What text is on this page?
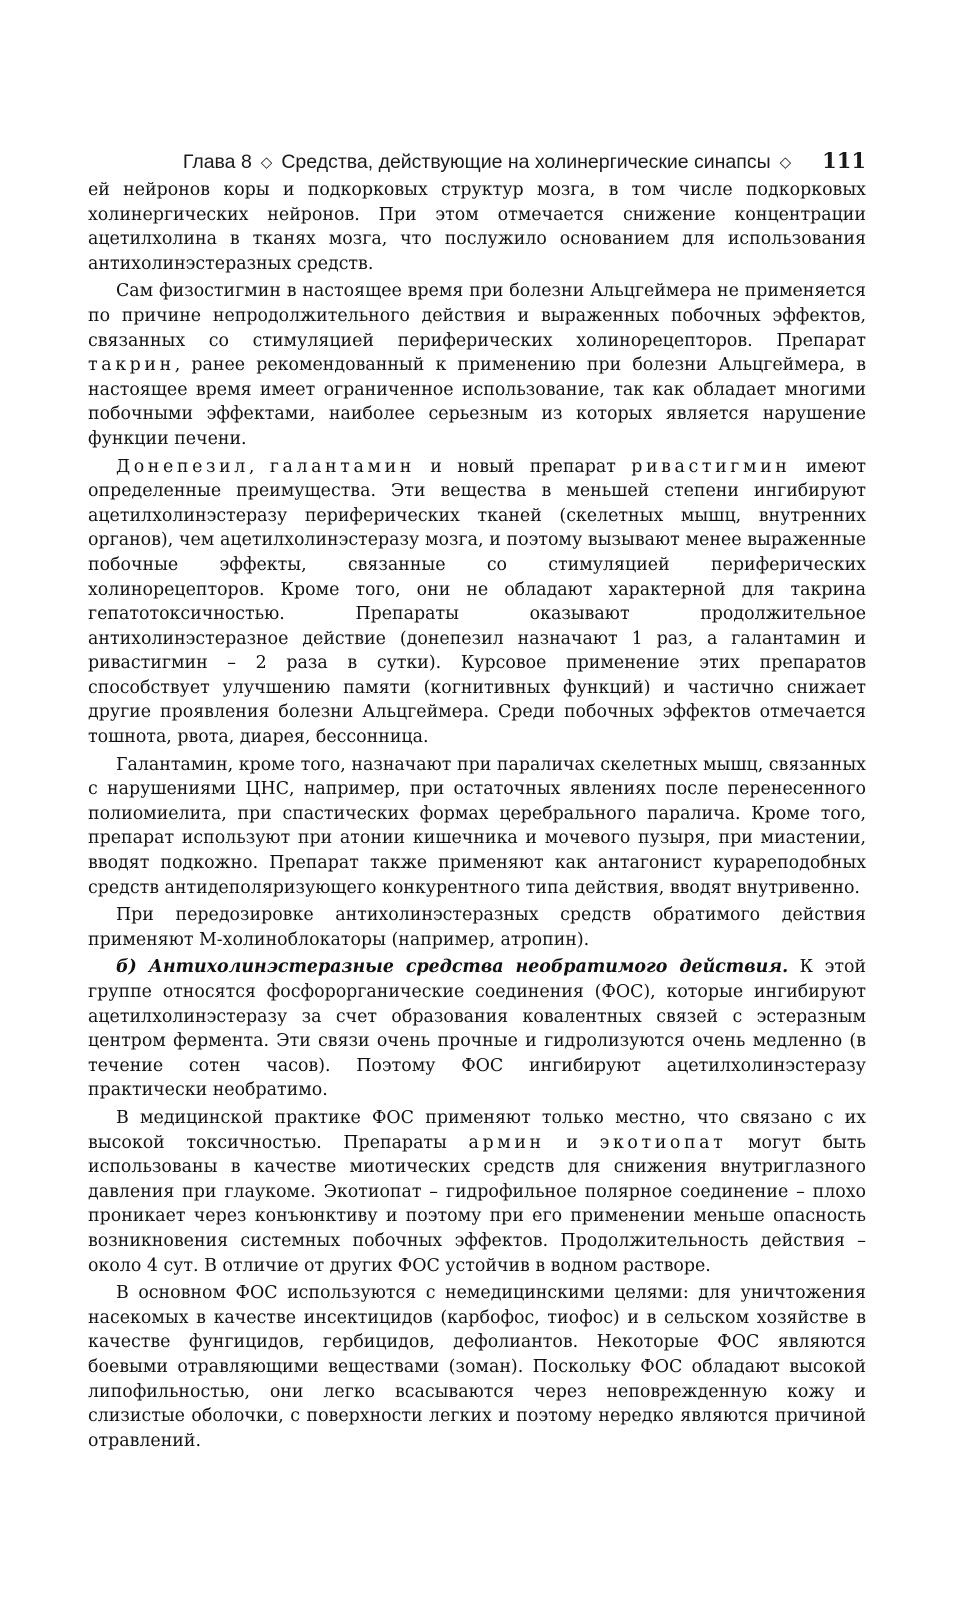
Глава 8 ◇ Средства, действующие на холинергические синапсы ◇ 111

ей нейронов коры и подкорковых структур мозга, в том числе подкорковых холинергических нейронов. При этом отмечается снижение концентрации ацетилхолина в тканях мозга, что послужило основанием для использования антихолинэстеразных средств.

Сам физостигмин в настоящее время при болезни Альцгеймера не применяется по причине непродолжительного действия и выраженных побочных эффектов, связанных со стимуляцией периферических холинорецепторов. Препарат такрин, ранее рекомендованный к применению при болезни Альцгеймера, в настоящее время имеет ограниченное использование, так как обладает многими побочными эффектами, наиболее серьезным из которых является нарушение функции печени.

Донепезил, галантамин и новый препарат ривастигмин имеют определенные преимущества. Эти вещества в меньшей степени ингибируют ацетилхолинэстеразу периферических тканей (скелетных мышц, внутренних органов), чем ацетилхолинэстеразу мозга, и поэтому вызывают менее выраженные побочные эффекты, связанные со стимуляцией периферических холинорецепторов. Кроме того, они не обладают характерной для такрина гепатотоксичностью. Препараты оказывают продолжительное антихолинэстеразное действие (донепезил назначают 1 раз, а галантамин и ривастигмин – 2 раза в сутки). Курсовое применение этих препаратов способствует улучшению памяти (когнитивных функций) и частично снижает другие проявления болезни Альцгеймера. Среди побочных эффектов отмечается тошнота, рвота, диарея, бессонница.

Галантамин, кроме того, назначают при параличах скелетных мышц, связанных с нарушениями ЦНС, например, при остаточных явлениях после перенесенного полиомиелита, при спастических формах церебрального паралича. Кроме того, препарат используют при атонии кишечника и мочевого пузыря, при миастении, вводят подкожно. Препарат также применяют как антагонист курареподобных средств антидеполяризующего конкурентного типа действия, вводят внутривенно.

При передозировке антихолинэстеразных средств обратимого действия применяют М-холиноблокаторы (например, атропин).

б) Антихолинэстеразные средства необратимого действия. К этой группе относятся фосфорорганические соединения (ФОС), которые ингибируют ацетилхолинэстеразу за счет образования ковалентных связей с эстеразным центром фермента. Эти связи очень прочные и гидролизуются очень медленно (в течение сотен часов). Поэтому ФОС ингибируют ацетилхолинэстеразу практически необратимо.

В медицинской практике ФОС применяют только местно, что связано с их высокой токсичностью. Препараты армин и экотиопат могут быть использованы в качестве миотических средств для снижения внутриглазного давления при глаукоме. Экотиопат – гидрофильное полярное соединение – плохо проникает через конъюнктиву и поэтому при его применении меньше опасность возникновения системных побочных эффектов. Продолжительность действия – около 4 сут. В отличие от других ФОС устойчив в водном растворе.

В основном ФОС используются с немедицинскими целями: для уничтожения насекомых в качестве инсектицидов (карбофос, тиофос) и в сельском хозяйстве в качестве фунгицидов, гербицидов, дефолиантов. Некоторые ФОС являются боевыми отравляющими веществами (зоман). Поскольку ФОС обладают высокой липофильностью, они легко всасываются через неповрежденную кожу и слизистые оболочки, с поверхности легких и поэтому нередко являются причиной отравлений.
